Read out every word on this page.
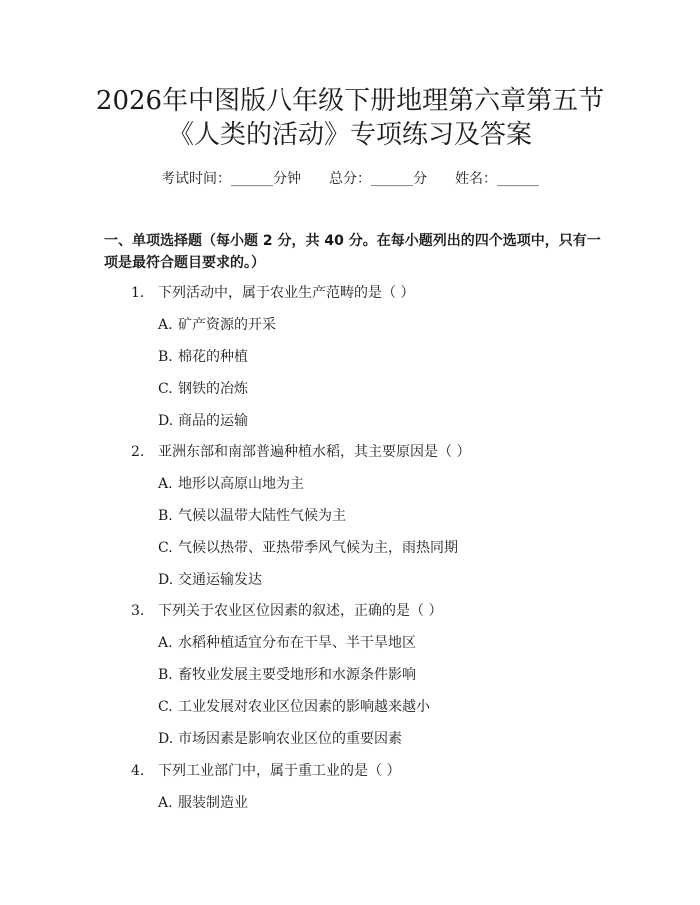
2026年中图版八年级下册地理第六章第五节
《人类的活动》专项练习及答案
考试时间：______分钟 总分：______分 姓名：______
一、单项选择题（每小题 2 分，共 40 分。在每小题列出的四个选项中，只有一项是最符合题目要求的。）
1. 下列活动中，属于农业生产范畴的是（ ）
A. 矿产资源的开采
B. 棉花的种植
C. 钢铁的冶炼
D. 商品的运输
2. 亚洲东部和南部普遍种植水稻，其主要原因是（ ）
A. 地形以高原山地为主
B. 气候以温带大陆性气候为主
C. 气候以热带、亚热带季风气候为主，雨热同期
D. 交通运输发达
3. 下列关于农业区位因素的叙述，正确的是（ ）
A. 水稻种植适宜分布在干旱、半干旱地区
B. 畜牧业发展主要受地形和水源条件影响
C. 工业发展对农业区位因素的影响越来越小
D. 市场因素是影响农业区位的重要因素
4. 下列工业部门中，属于重工业的是（ ）
A. 服装制造业
